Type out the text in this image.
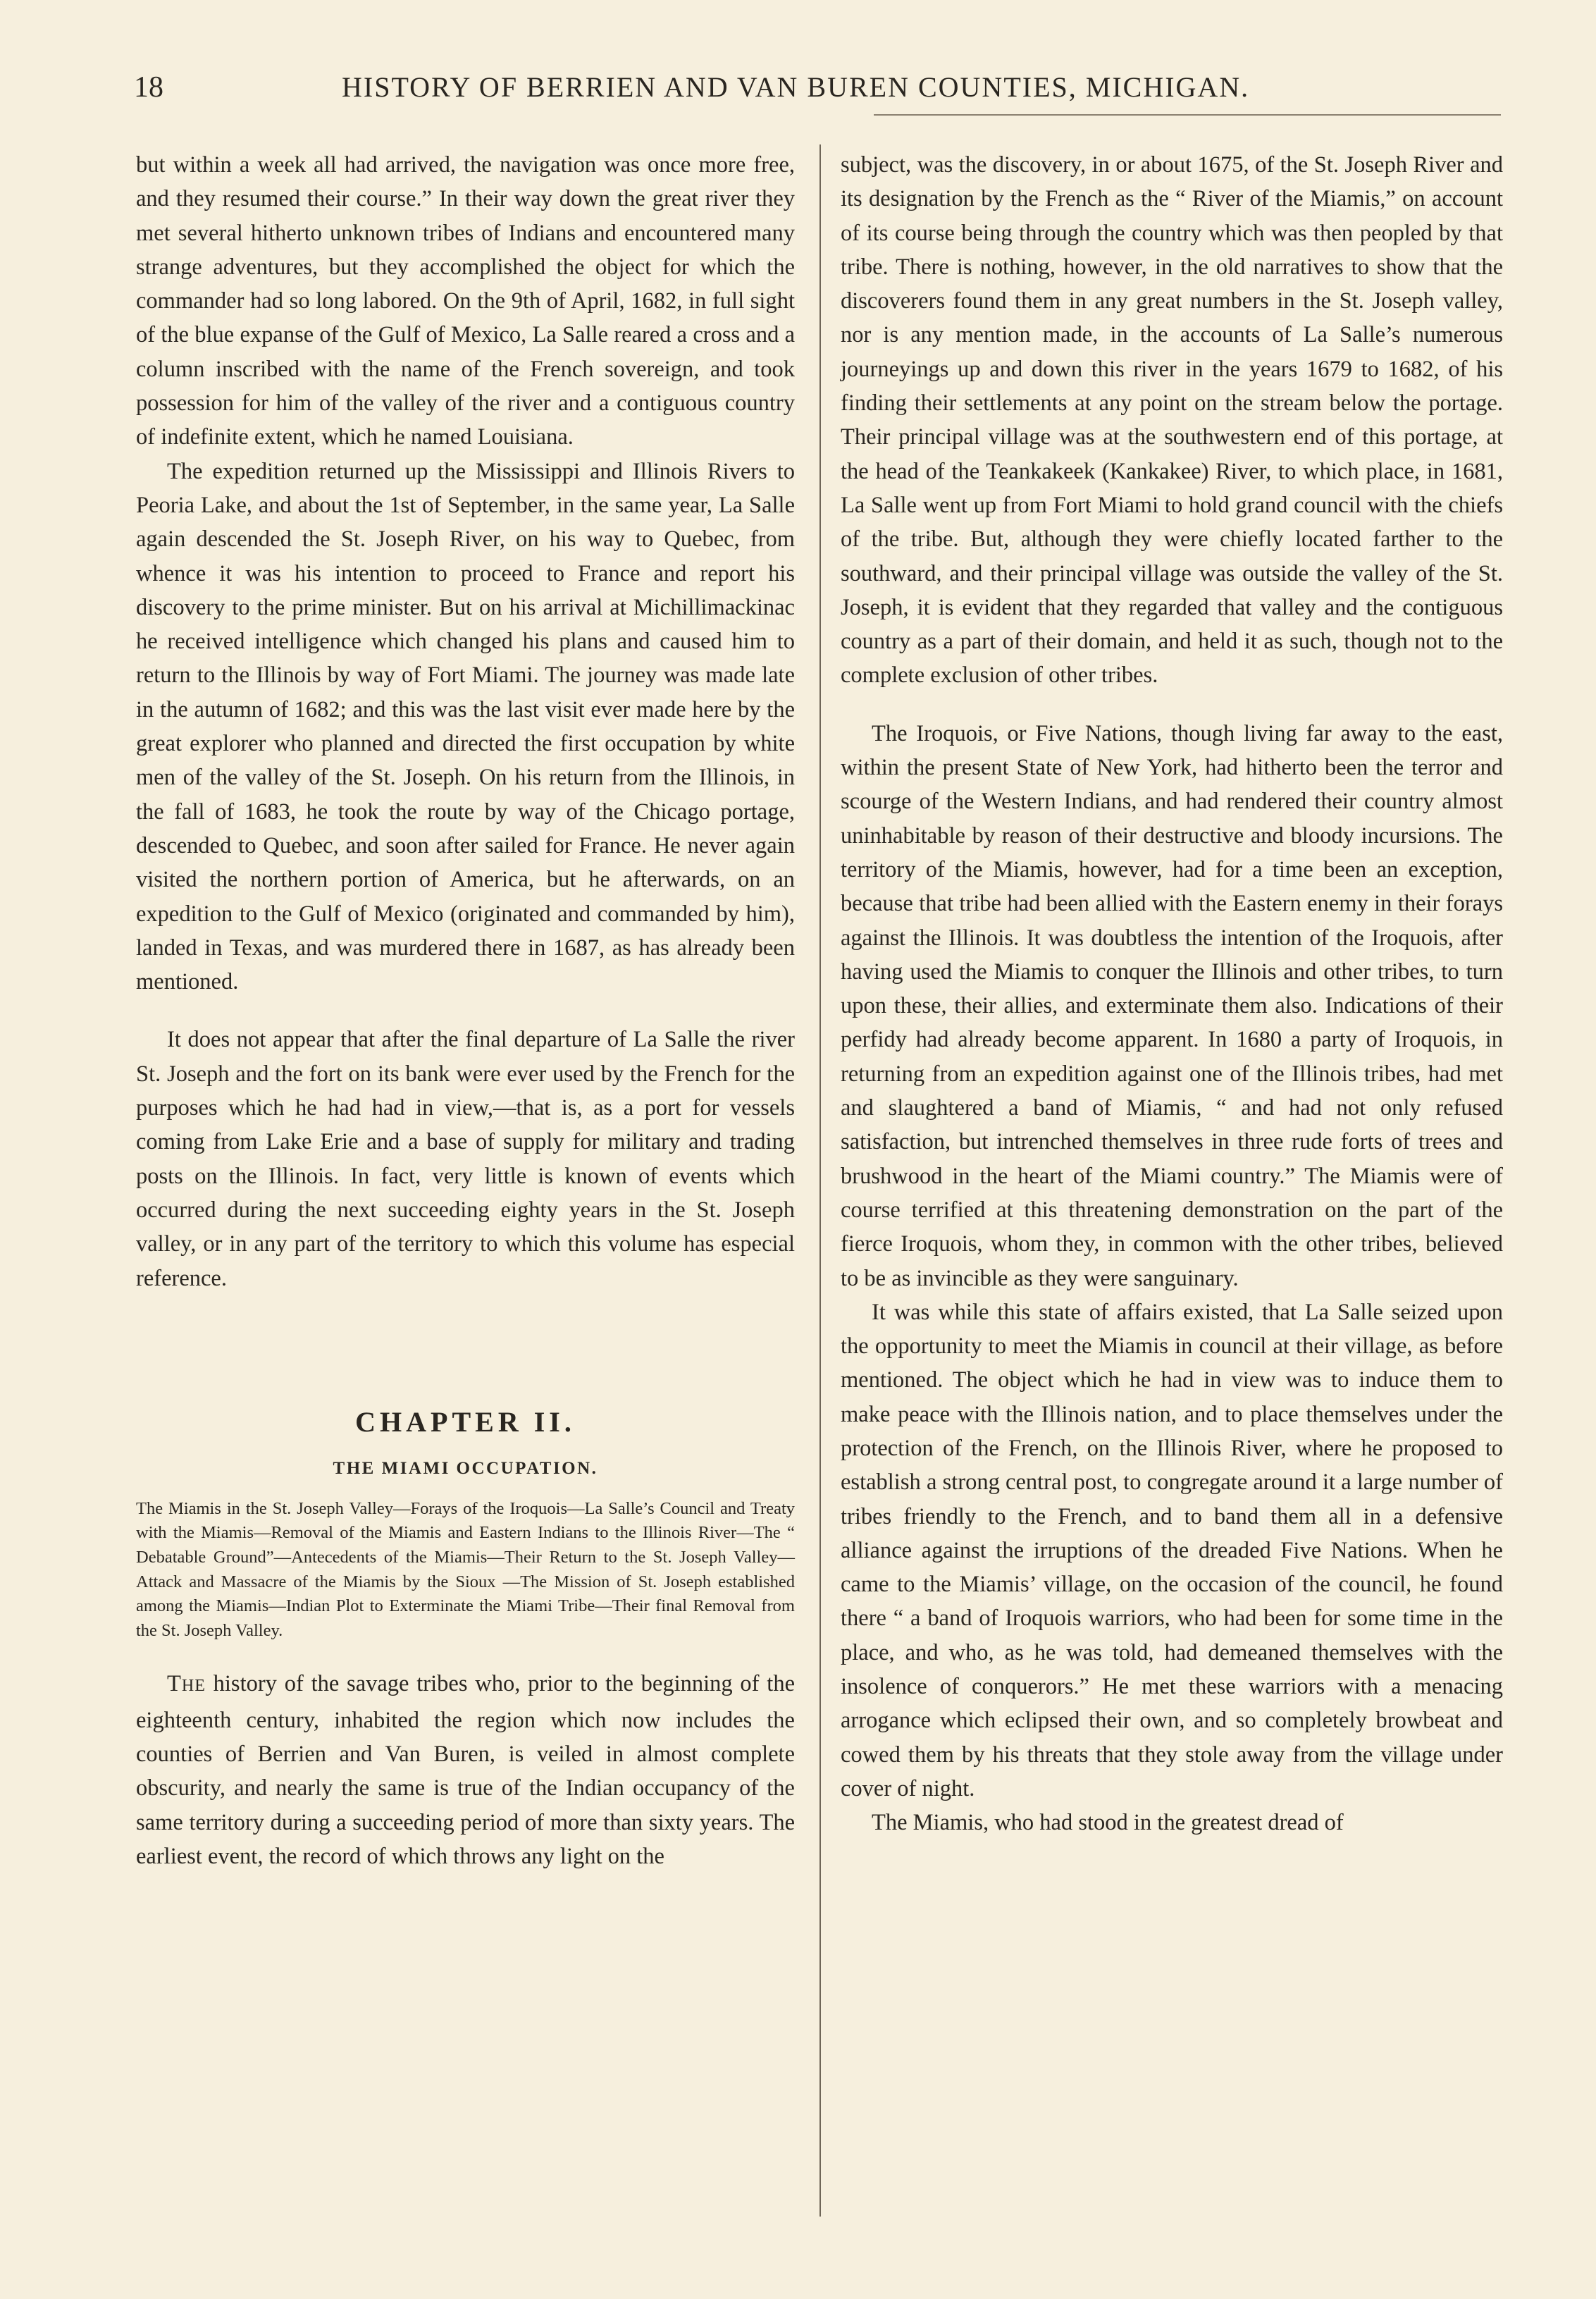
18	HISTORY OF BERRIEN AND VAN BUREN COUNTIES, MICHIGAN.

but within a week all had arrived, the navigation was once more free, and they resumed their course.” In their way down the great river they met several hitherto unknown tribes of Indians and encountered many strange adventures, but they accomplished the object for which the commander had so long labored. On the 9th of April, 1682, in full sight of the blue expanse of the Gulf of Mexico, La Salle reared a cross and a column inscribed with the name of the French sovereign, and took possession for him of the valley of the river and a contiguous country of indefinite extent, which he named Louisiana.

The expedition returned up the Mississippi and Illinois Rivers to Peoria Lake, and about the 1st of September, in the same year, La Salle again descended the St. Joseph River, on his way to Quebec, from whence it was his intention to proceed to France and report his discovery to the prime minister. But on his arrival at Michillimackinac he received intelligence which changed his plans and caused him to return to the Illinois by way of Fort Miami. The journey was made late in the autumn of 1682; and this was the last visit ever made here by the great explorer who planned and directed the first occupation by white men of the valley of the St. Joseph. On his return from the Illinois, in the fall of 1683, he took the route by way of the Chicago portage, descended to Quebec, and soon after sailed for France. He never again visited the northern portion of America, but he afterwards, on an expedition to the Gulf of Mexico (originated and commanded by him), landed in Texas, and was murdered there in 1687, as has already been mentioned.

It does not appear that after the final departure of La Salle the river St. Joseph and the fort on its bank were ever used by the French for the purposes which he had had in view,—that is, as a port for vessels coming from Lake Erie and a base of supply for military and trading posts on the Illinois. In fact, very little is known of events which occurred during the next succeeding eighty years in the St. Joseph valley, or in any part of the territory to which this volume has especial reference.

CHAPTER II.
THE MIAMI OCCUPATION.

The Miamis in the St. Joseph Valley—Forays of the Iroquois—La Salle’s Council and Treaty with the Miamis—Removal of the Miamis and Eastern Indians to the Illinois River—The “ Debatable Ground”—Antecedents of the Miamis—Their Return to the St. Joseph Valley—Attack and Massacre of the Miamis by the Sioux —The Mission of St. Joseph established among the Miamis—Indian Plot to Exterminate the Miami Tribe—Their final Removal from the St. Joseph Valley.

THE history of the savage tribes who, prior to the beginning of the eighteenth century, inhabited the region which now includes the counties of Berrien and Van Buren, is veiled in almost complete obscurity, and nearly the same is true of the Indian occupancy of the same territory during a succeeding period of more than sixty years. The earliest event, the record of which throws any light on the

subject, was the discovery, in or about 1675, of the St. Joseph River and its designation by the French as the “ River of the Miamis,” on account of its course being through the country which was then peopled by that tribe. There is nothing, however, in the old narratives to show that the discoverers found them in any great numbers in the St. Joseph valley, nor is any mention made, in the accounts of La Salle’s numerous journeyings up and down this river in the years 1679 to 1682, of his finding their settlements at any point on the stream below the portage. Their principal village was at the southwestern end of this portage, at the head of the Teankakeek (Kankakee) River, to which place, in 1681, La Salle went up from Fort Miami to hold grand council with the chiefs of the tribe. But, although they were chiefly located farther to the southward, and their principal village was outside the valley of the St. Joseph, it is evident that they regarded that valley and the contiguous country as a part of their domain, and held it as such, though not to the complete exclusion of other tribes.

The Iroquois, or Five Nations, though living far away to the east, within the present State of New York, had hitherto been the terror and scourge of the Western Indians, and had rendered their country almost uninhabitable by reason of their destructive and bloody incursions. The territory of the Miamis, however, had for a time been an exception, because that tribe had been allied with the Eastern enemy in their forays against the Illinois. It was doubtless the intention of the Iroquois, after having used the Miamis to conquer the Illinois and other tribes, to turn upon these, their allies, and exterminate them also. Indications of their perfidy had already become apparent. In 1680 a party of Iroquois, in returning from an expedition against one of the Illinois tribes, had met and slaughtered a band of Miamis, “ and had not only refused satisfaction, but intrenched themselves in three rude forts of trees and brushwood in the heart of the Miami country.” The Miamis were of course terrified at this threatening demonstration on the part of the fierce Iroquois, whom they, in common with the other tribes, believed to be as invincible as they were sanguinary.

It was while this state of affairs existed, that La Salle seized upon the opportunity to meet the Miamis in council at their village, as before mentioned. The object which he had in view was to induce them to make peace with the Illinois nation, and to place themselves under the protection of the French, on the Illinois River, where he proposed to establish a strong central post, to congregate around it a large number of tribes friendly to the French, and to band them all in a defensive alliance against the irruptions of the dreaded Five Nations. When he came to the Miamis’ village, on the occasion of the council, he found there “ a band of Iroquois warriors, who had been for some time in the place, and who, as he was told, had demeaned themselves with the insolence of conquerors.” He met these warriors with a menacing arrogance which eclipsed their own, and so completely browbeat and cowed them by his threats that they stole away from the village under cover of night.

The Miamis, who had stood in the greatest dread of
